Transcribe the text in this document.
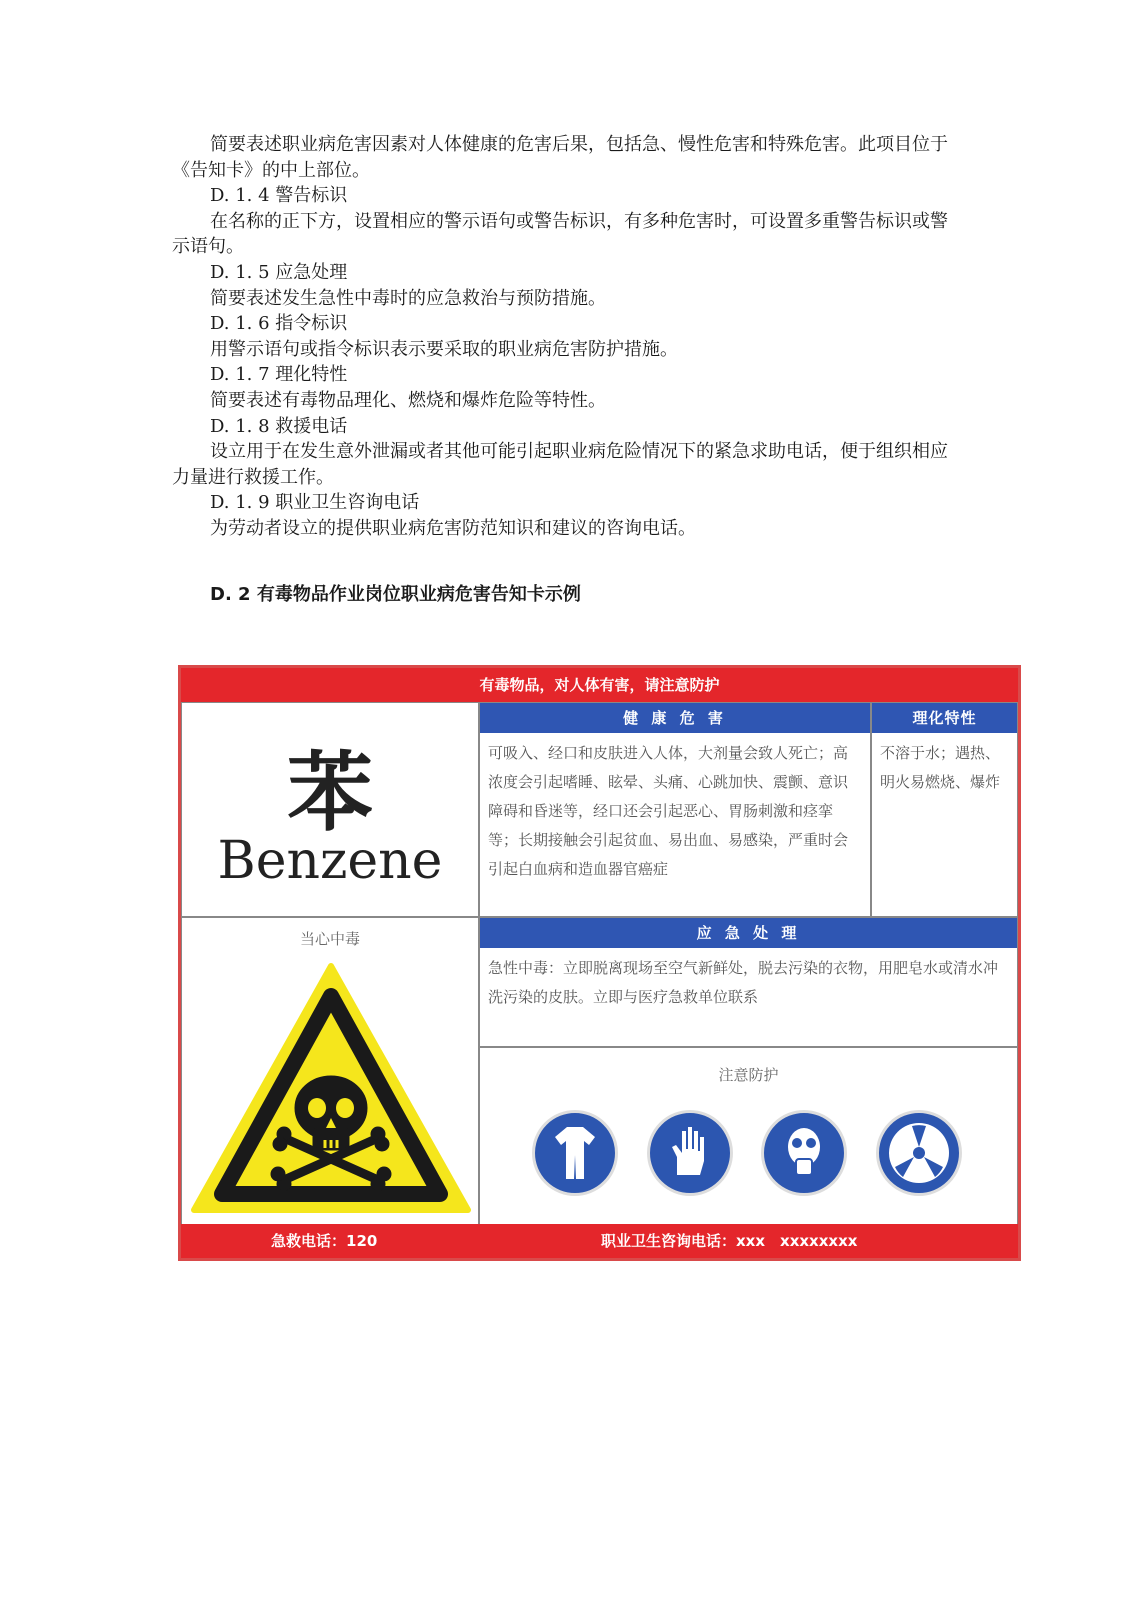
简要表述职业病危害因素对人体健康的危害后果，包括急、慢性危害和特殊危害。此项目位于《告知卡》的中上部位。

D. 1. 4 警告标识

在名称的正下方，设置相应的警示语句或警告标识，有多种危害时，可设置多重警告标识或警示语句。

D. 1. 5 应急处理

简要表述发生急性中毒时的应急救治与预防措施。

D. 1. 6 指令标识

用警示语句或指令标识表示要采取的职业病危害防护措施。

D. 1. 7 理化特性

简要表述有毒物品理化、燃烧和爆炸危险等特性。

D. 1. 8 救援电话

设立用于在发生意外泄漏或者其他可能引起职业病危险情况下的紧急求助电话，便于组织相应力量进行救援工作。

D. 1. 9 职业卫生咨询电话

为劳动者设立的提供职业病危害防范知识和建议的咨询电话。

D. 2 有毒物品作业岗位职业病危害告知卡示例
有毒物品，对人体有害，请注意防护
苯
Benzene
健 康 危 害
可吸入、经口和皮肤进入人体，大剂量会致人死亡；高浓度会引起嗜睡、眩晕、头痛、心跳加快、震颤、意识障碍和昏迷等，经口还会引起恶心、胃肠刺激和痉挛等；长期接触会引起贫血、易出血、易感染，严重时会引起白血病和造血器官癌症
理化特性
不溶于水；遇热、明火易燃烧、爆炸
当心中毒	应 急 处 理
急性中毒：立即脱离现场至空气新鲜处，脱去污染的衣物，用肥皂水或清水冲洗污染的皮肤。立即与医疗急救单位联系
注意防护
急救电话：120	职业卫生咨询电话：xxx　xxxxxxxx
